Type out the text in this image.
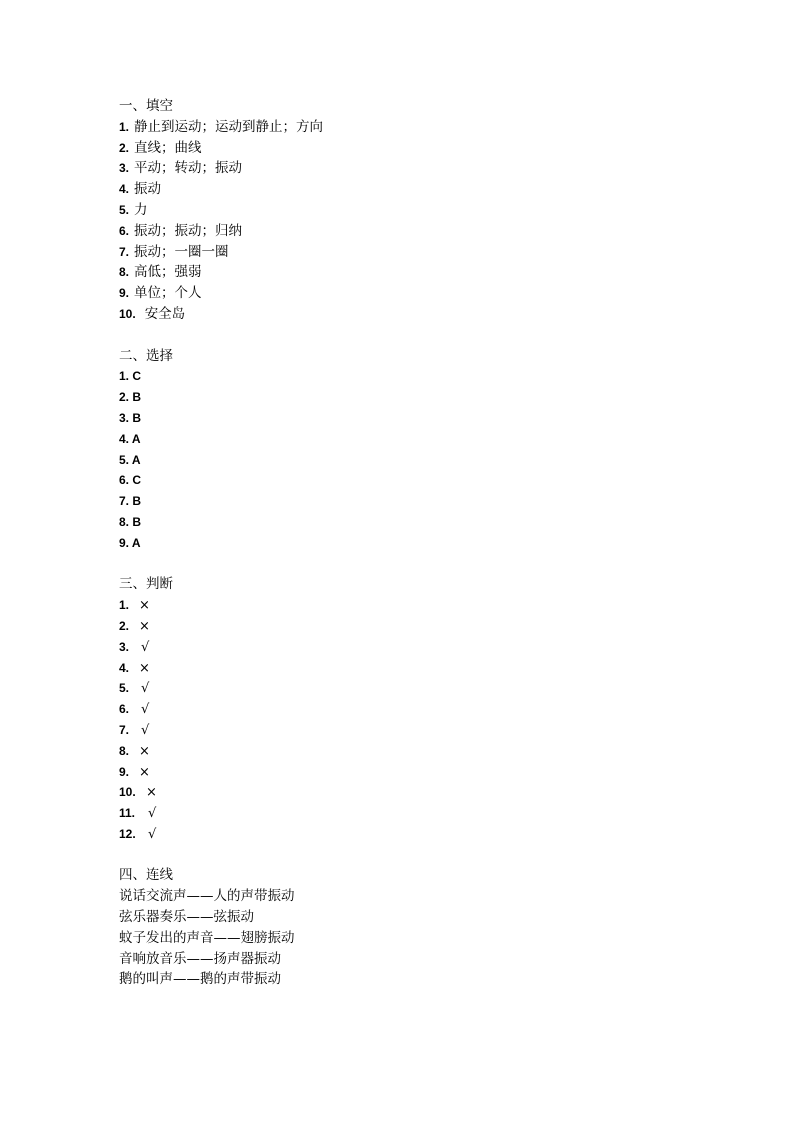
一、填空
1. 静止到运动；运动到静止；方向
2. 直线；曲线
3. 平动；转动；振动
4. 振动
5. 力
6. 振动；振动；归纳
7. 振动；一圈一圈
8. 高低；强弱
9. 单位；个人
10. 安全岛
二、选择
1. C
2. B
3. B
4. A
5. A
6. C
7. B
8. B
9. A
三、判断
1. ×
2. ×
3. √
4. ×
5. √
6. √
7. √
8. ×
9. ×
10. ×
11. √
12. √
四、连线
说话交流声——人的声带振动
弦乐器奏乐——弦振动
蚊子发出的声音——翅膀振动
音响放音乐——扬声器振动
鹅的叫声——鹅的声带振动
